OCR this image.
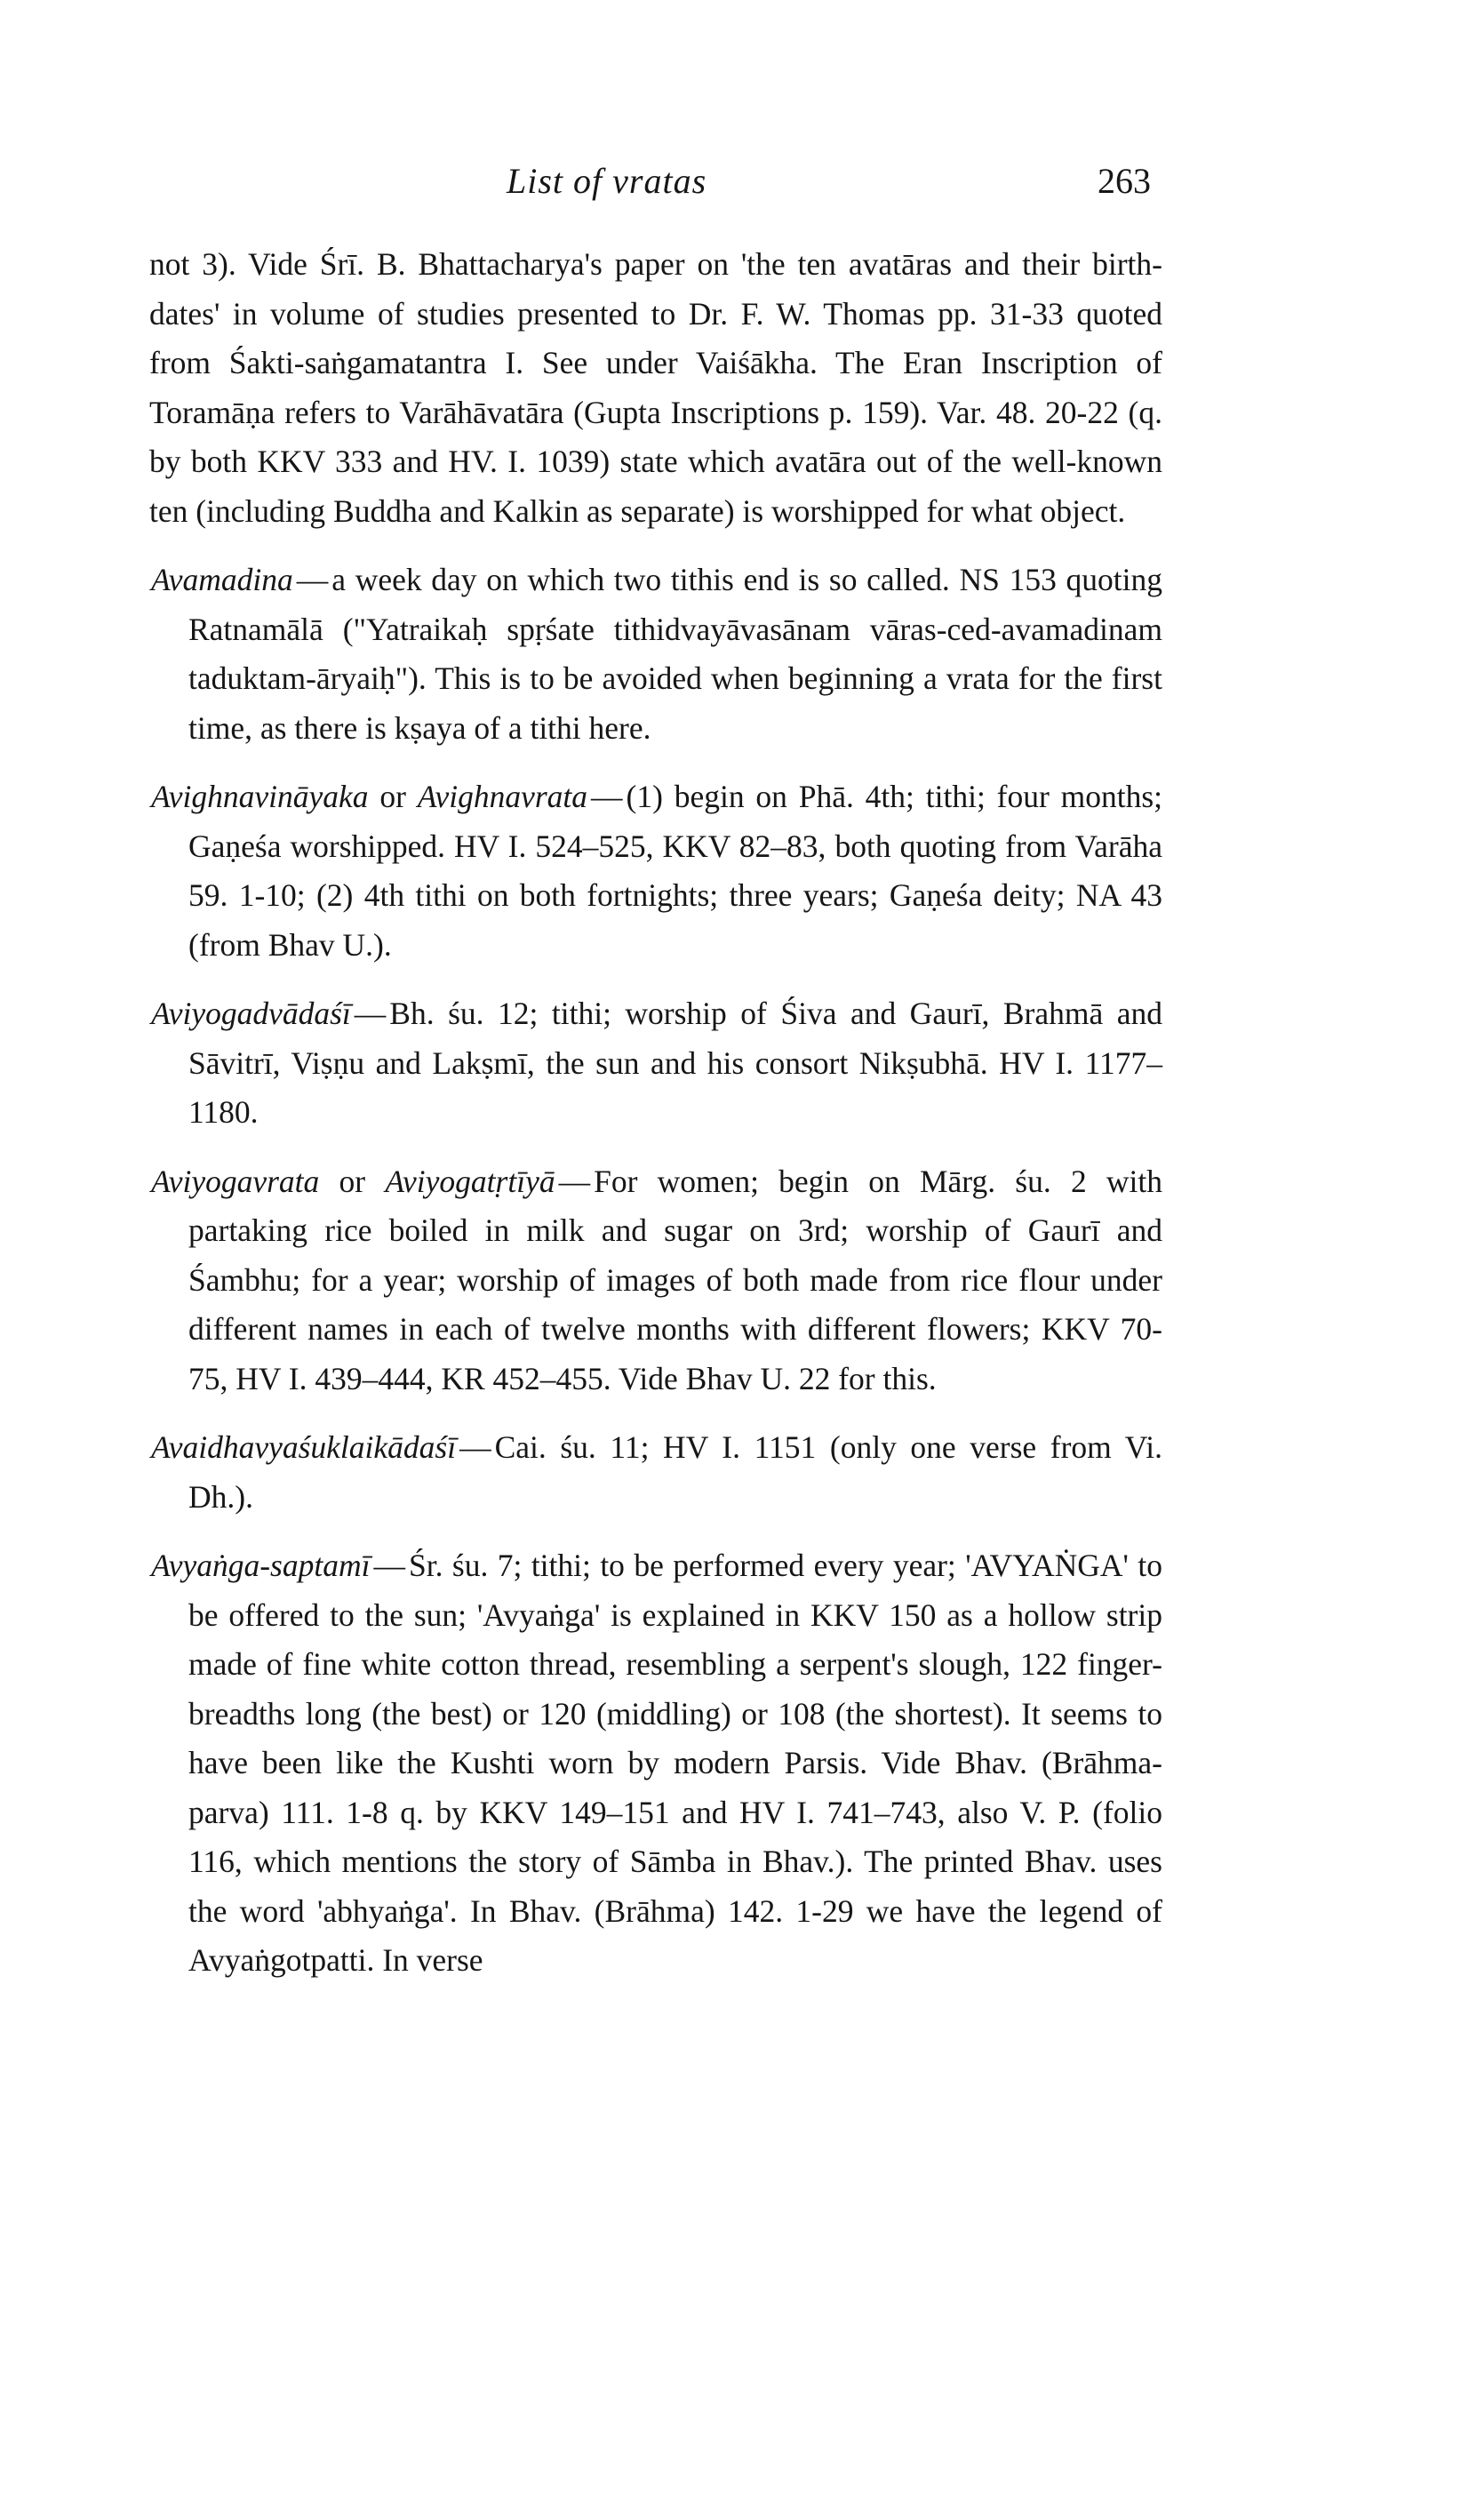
List of vratas	263

not 3). Vide Śrī. B. Bhattacharya's paper on 'the ten avatāras and their birth-dates' in volume of studies presented to Dr. F. W. Thomas pp. 31-33 quoted from Śakti-saṅgamatantra I. See under Vaiśākha. The Eran Inscription of Toramāṇa refers to Varāhāvatāra (Gupta Inscriptions p. 159). Var. 48. 20-22 (q. by both KKV 333 and HV. I. 1039) state which avatāra out of the well-known ten (including Buddha and Kalkin as separate) is worshipped for what object.

Avamadina — a week day on which two tithis end is so called. NS 153 quoting Ratnamālā ("Yatraikaḥ spṛśate tithidvayāvasānam vāras-ced-avamadinam taduktam-āryaiḥ"). This is to be avoided when beginning a vrata for the first time, as there is kṣaya of a tithi here.

Avighnavināyaka or Avighnavrata — (1) begin on Phā. 4th; tithi; four months; Gaṇeśa worshipped. HV I. 524–525, KKV 82–83, both quoting from Varāha 59. 1-10; (2) 4th tithi on both fortnights; three years; Gaṇeśa deity; NA 43 (from Bhav U.).

Aviyogadvādaśī — Bh. śu. 12; tithi; worship of Śiva and Gaurī, Brahmā and Sāvitrī, Viṣṇu and Lakṣmī, the sun and his consort Nikṣubhā. HV I. 1177–1180.

Aviyogavrata or Aviyogatṛtīyā — For women; begin on Mārg. śu. 2 with partaking rice boiled in milk and sugar on 3rd; worship of Gaurī and Śambhu; for a year; worship of images of both made from rice flour under different names in each of twelve months with different flowers; KKV 70-75, HV I. 439–444, KR 452–455. Vide Bhav U. 22 for this.

Avaidhavyaśuklaikādaśī — Cai. śu. 11; HV I. 1151 (only one verse from Vi. Dh.).

Avyaṅga-saptamī — Śr. śu. 7; tithi; to be performed every year; 'AVYAṄGA' to be offered to the sun; 'Avyaṅga' is explained in KKV 150 as a hollow strip made of fine white cotton thread, resembling a serpent's slough, 122 finger-breadths long (the best) or 120 (middling) or 108 (the shortest). It seems to have been like the Kushti worn by modern Parsis. Vide Bhav. (Brāhma-parva) 111. 1-8 q. by KKV 149–151 and HV I. 741–743, also V. P. (folio 116, which mentions the story of Sāmba in Bhav.). The printed Bhav. uses the word 'abhyaṅga'. In Bhav. (Brāhma) 142. 1-29 we have the legend of Avyaṅgotpatti. In verse
